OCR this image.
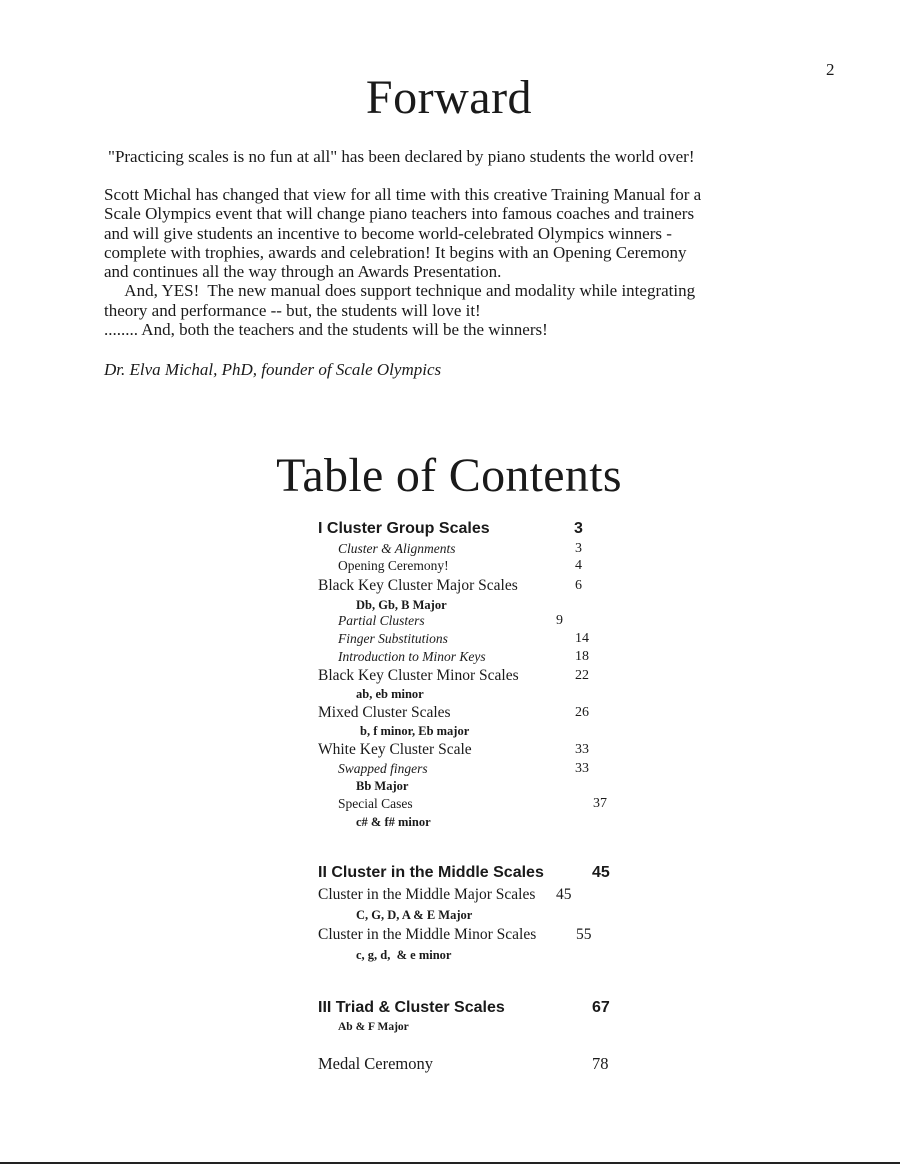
2
Forward
"Practicing scales is no fun at all" has been declared by piano students the world over!
Scott Michal has changed that view for all time with this creative Training Manual for a
Scale Olympics event that will change piano teachers into famous coaches and trainers
and will give students an incentive to become world-celebrated Olympics winners -
complete with trophies, awards and celebration! It begins with an Opening Ceremony
and continues all the way through an Awards Presentation.
And, YES!  The new manual does support technique and modality while integrating
theory and performance -- but, the students will love it!
........ And, both the teachers and the students will be the winners!
Dr. Elva Michal, PhD, founder of Scale Olympics
Table of Contents
I Cluster Group Scales	3
Cluster & Alignments	3
Opening Ceremony!	4
Black Key Cluster Major Scales	6
Db, Gb, B Major
Partial Clusters	9
Finger Substitutions	14
Introduction to Minor Keys	18
Black Key Cluster Minor Scales	22
ab, eb minor
Mixed Cluster Scales	26
b, f minor, Eb major
White Key Cluster Scale	33
Swapped fingers	33
Bb Major
Special Cases	37
c# & f# minor
II Cluster in the Middle Scales	45
Cluster in the Middle Major Scales 45
C, G, D, A & E Major
Cluster in the Middle Minor Scales	55
c, g, d,  & e minor
III Triad & Cluster Scales	67
Ab & F Major
Medal Ceremony	78
